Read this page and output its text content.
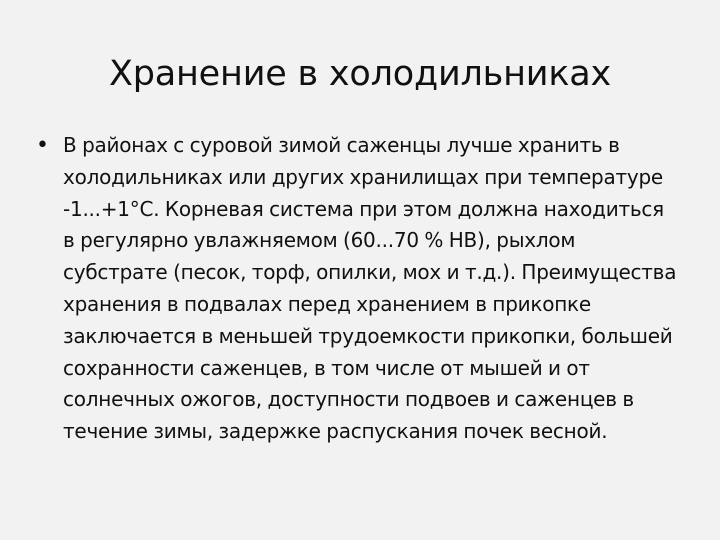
Хранение в холодильниках
• В районах с суровой зимой саженцы лучше хранить в холодильниках или других хранилищах при температуре -1...+1°С. Корневая система при этом должна находиться в регулярно увлажняемом (60...70 % НВ), рыхлом субстрате (песок, торф, опилки, мох и т.д.). Преимущества хранения в подвалах перед хранением в прикопке заключается в меньшей трудоемкости прикопки, большей сохранности саженцев, в том числе от мышей и от солнечных ожогов, доступности подвоев и саженцев в течение зимы, задержке распускания почек весной.
